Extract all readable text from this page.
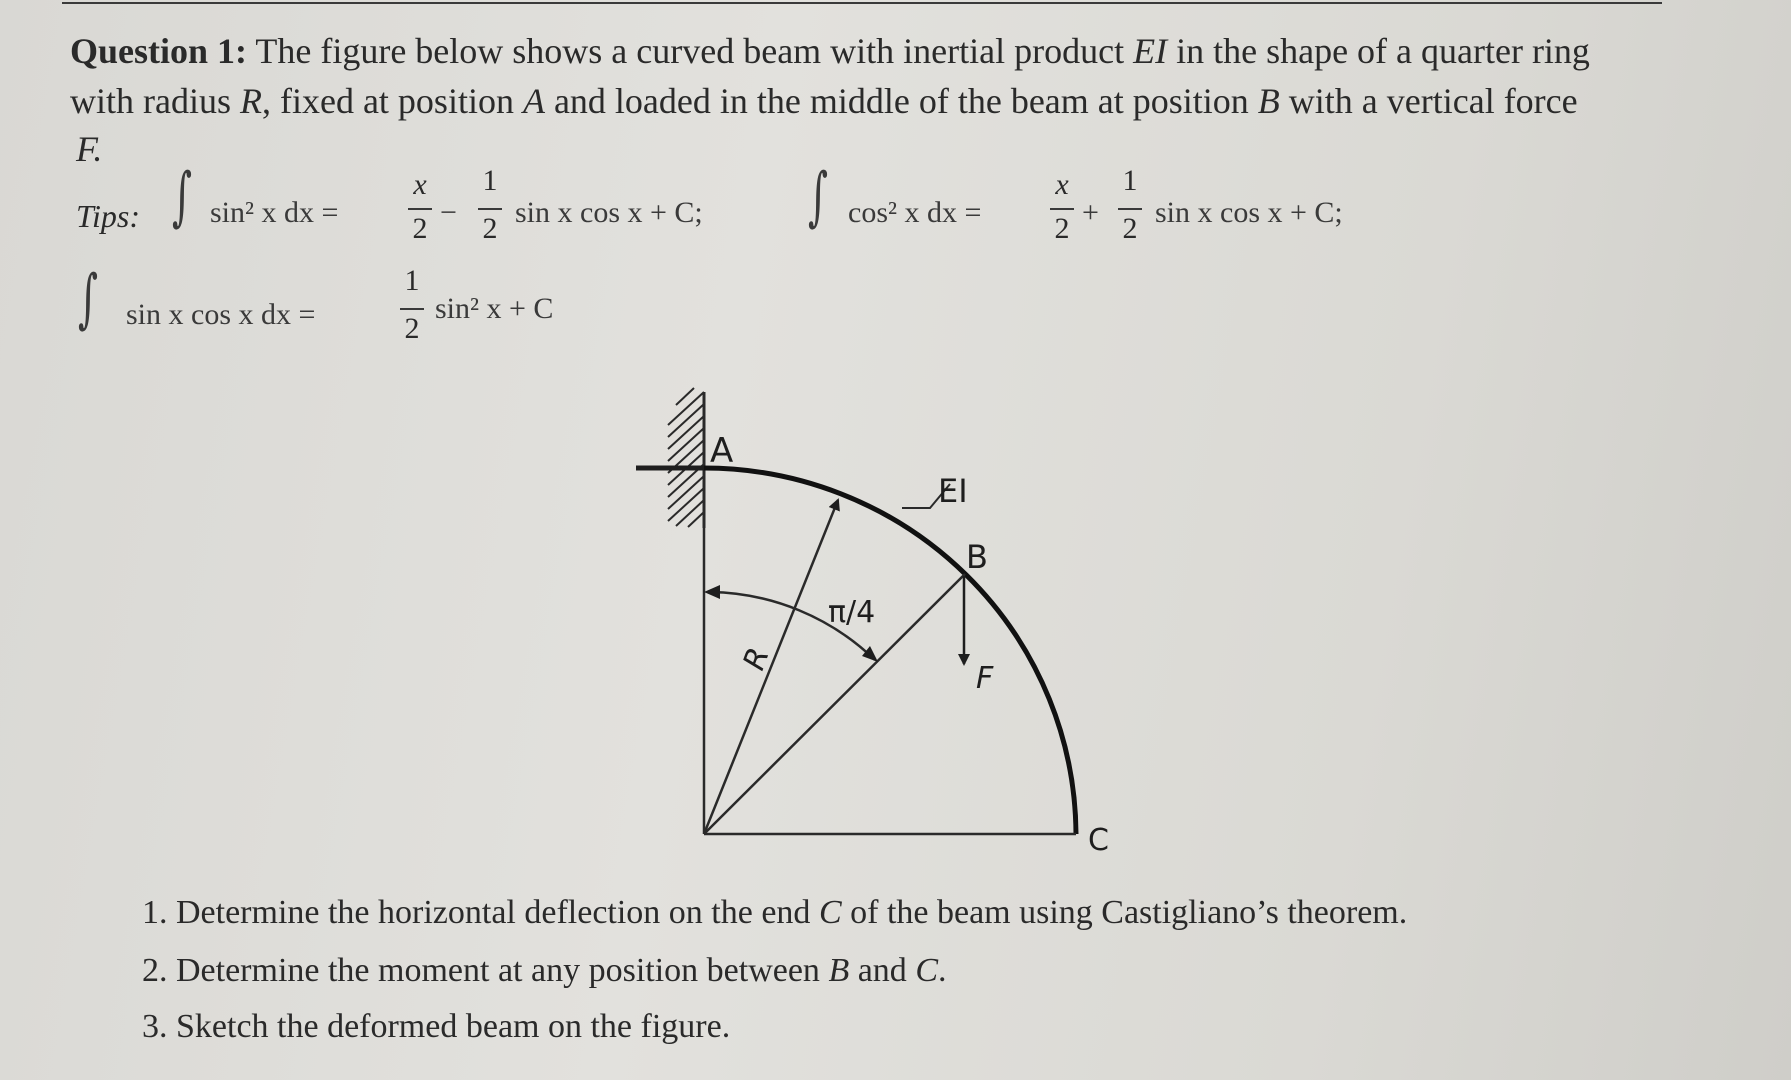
Question 1: The figure below shows a curved beam with inertial product EI in the shape of a quarter ring
with radius R, fixed at position A and loaded in the middle of the beam at position B with a vertical force
F.
Tips: ∫ sin² x dx =
x
2 −
1
2 sin x cos x + C; ∫ cos² x dx =
x
2 +
1
2 sin x cos x + C;
∫ sin x cos x dx =
1
2
sin² x + C
A
EI
B
π/4
R
F
C
1. Determine the horizontal deflection on the end C of the beam using Castigliano’s theorem.
2. Determine the moment at any position between B and C.
3. Sketch the deformed beam on the figure.
